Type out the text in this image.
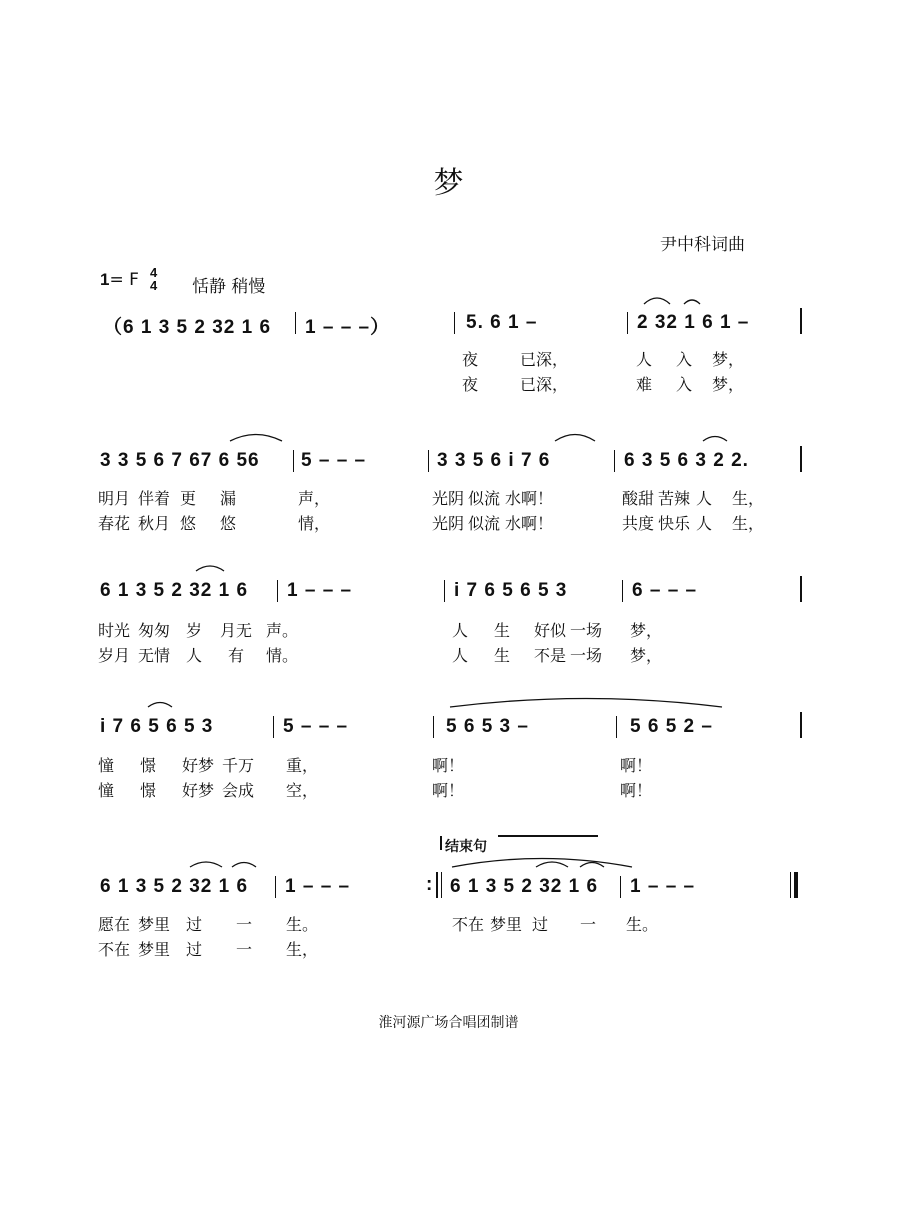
梦
尹中科词曲
1= F 4
4 恬静 稍慢
（6 1 3 5 2 32 1 6 1 – – –）	5. 6 1 –	2 32 1 6 1 –
夜	已深，	人 入 梦，
夜	已深，	难 入 梦，
3 3 5 6 7 67 6 56 5 – – –	3 3 5 6 i 7 6	6 3 5 6 3 2 2.
明月 伴着 更 漏	声，	光阴 似流 水啊！	酸甜 苦辣 人 生，
春花 秋月 悠 悠	情，	光阴 似流 水啊！	共度 快乐 人 生，
6 1 3 5 2 32 1 6 1 – – –	i 7 6 5 6 5 3	6 – – –
时光 匆匆 岁 月无 声。	人 生 好似 一场 梦，
岁月 无情 人 有 情。	人 生 不是 一场 梦，
i 7 6 5 6 5 3	5 – – –	5 6 5 3 –	5 6 5 2 –
憧 憬 好梦 千万 重，	啊！	啊！
憧 憬 好梦 会成 空，	啊！	啊！
结束句
6 1 3 5 2 32 1 6 1 – – –	: 6 1 3 5 2 32 1 6 1 – – –
愿在 梦里 过 一 生。	不在 梦里 过 一 生。
不在 梦里 过 一 生，
淮河源广场合唱团制谱
